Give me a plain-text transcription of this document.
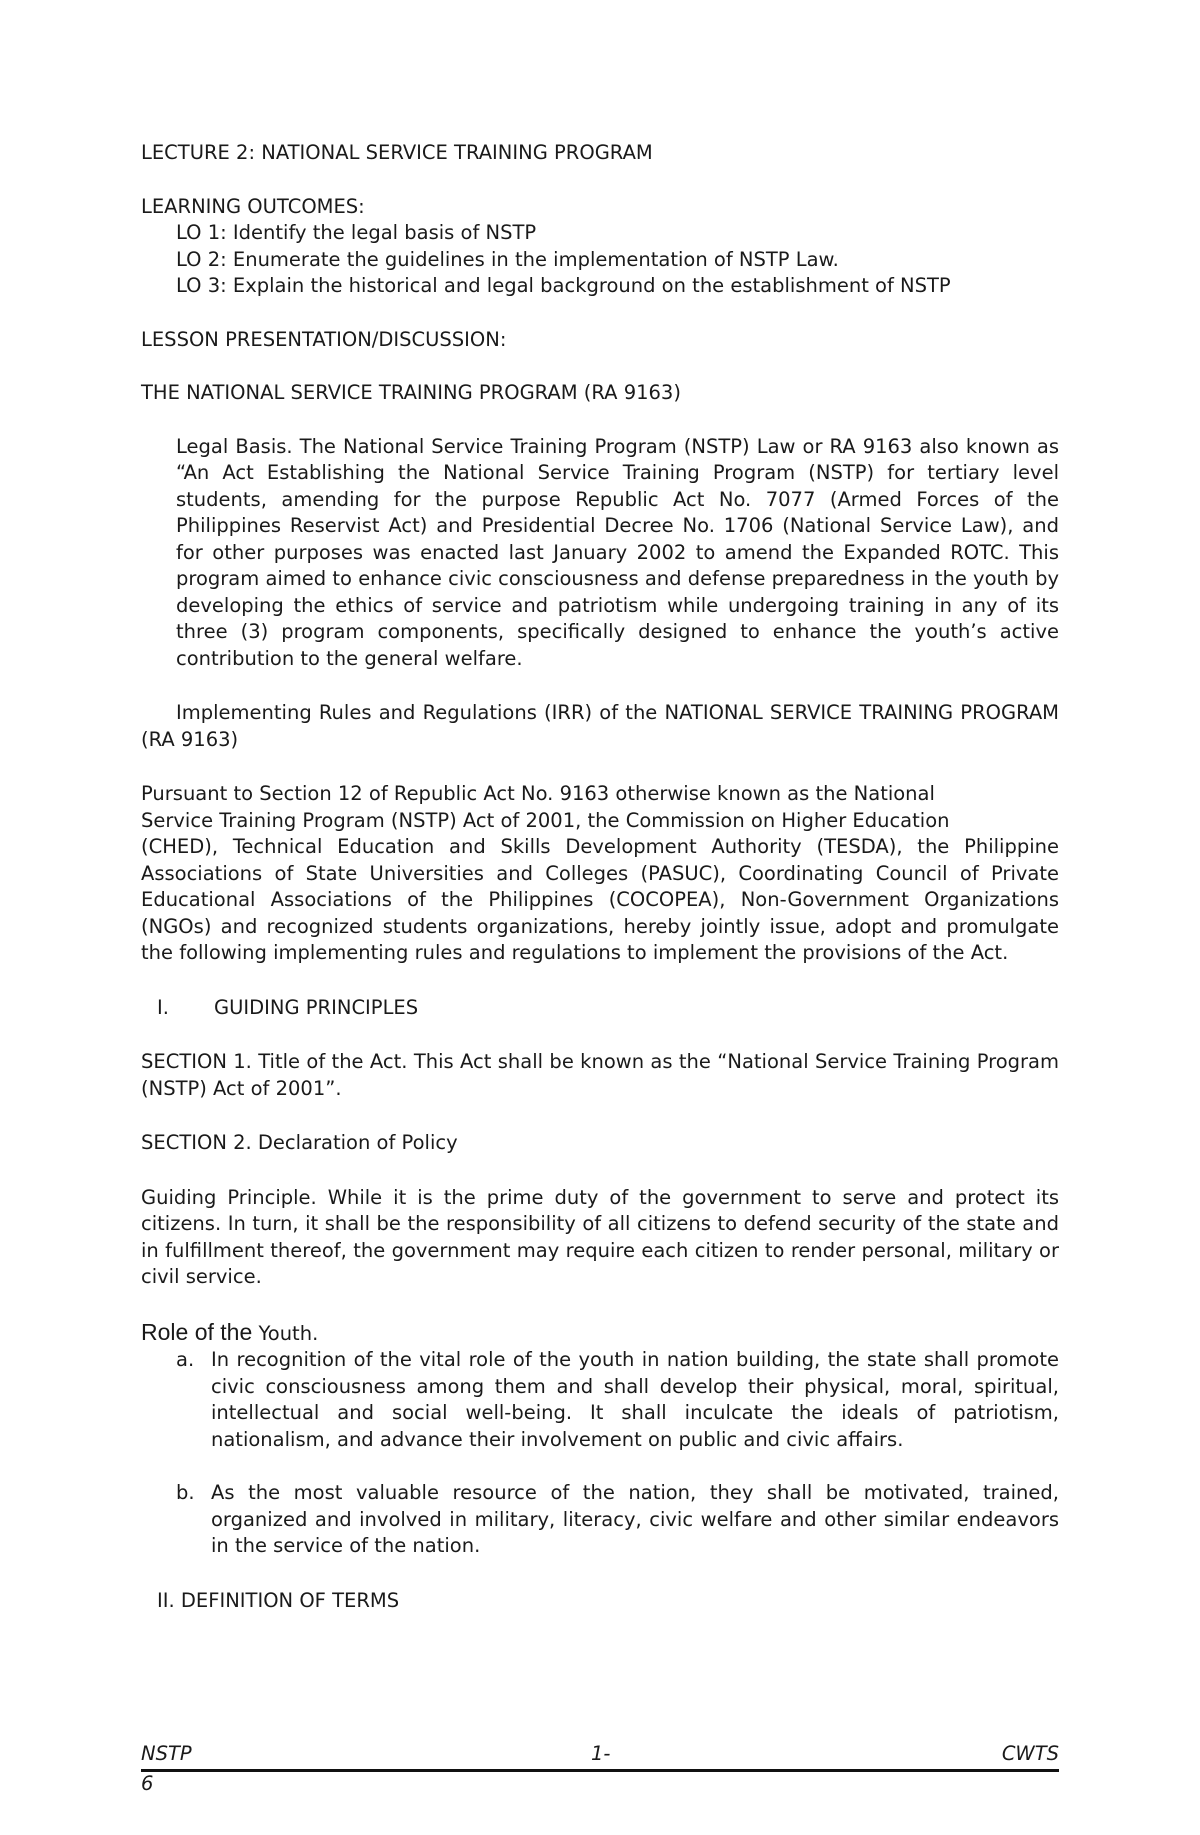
LECTURE 2: NATIONAL SERVICE TRAINING PROGRAM

LEARNING OUTCOMES:

LO 1: Identify the legal basis of NSTP

LO 2: Enumerate the guidelines in the implementation of NSTP Law.

LO 3: Explain the historical and legal background on the establishment of NSTP

LESSON PRESENTATION/DISCUSSION:

THE NATIONAL SERVICE TRAINING PROGRAM (RA 9163)

Legal Basis. The National Service Training Program (NSTP) Law or RA 9163 also known as “An Act Establishing the National Service Training Program (NSTP) for tertiary level students, amending for the purpose Republic Act No. 7077 (Armed Forces of the Philippines Reservist Act) and Presidential Decree No. 1706 (National Service Law), and for other purposes was enacted last January 2002 to amend the Expanded ROTC. This program aimed to enhance civic consciousness and defense preparedness in the youth by developing the ethics of service and patriotism while undergoing training in any of its three (3) program components, specifically designed to enhance the youth’s active contribution to the general welfare.

Implementing Rules and Regulations (IRR) of the NATIONAL SERVICE TRAINING PROGRAM (RA 9163)

Pursuant to Section 12 of Republic Act No. 9163 otherwise known as the National

Service Training Program (NSTP) Act of 2001, the Commission on Higher Education

(CHED), Technical Education and Skills Development Authority (TESDA), the Philippine

Associations of State Universities and Colleges (PASUC), Coordinating Council of Private Educational Associations of the Philippines (COCOPEA), Non-Government Organizations (NGOs) and recognized students organizations, hereby jointly issue, adopt and promulgate the following implementing rules and regulations to implement the provisions of the Act.

I. GUIDING PRINCIPLES

SECTION 1. Title of the Act. This Act shall be known as the “National Service Training Program (NSTP) Act of 2001”.

SECTION 2. Declaration of Policy

Guiding Principle. While it is the prime duty of the government to serve and protect its citizens. In turn, it shall be the responsibility of all citizens to defend security of the state and in fulfillment thereof, the government may require each citizen to render personal, military or civil service.

Role of the Youth.

a. In recognition of the vital role of the youth in nation building, the state shall promote civic consciousness among them and shall develop their physical, moral, spiritual, intellectual and social well-being. It shall inculcate the ideals of patriotism, nationalism, and advance their involvement on public and civic affairs.
b. As the most valuable resource of the nation, they shall be motivated, trained, organized and involved in military, literacy, civic welfare and other similar endeavors in the service of the nation.

II. DEFINITION OF TERMS

NSTP	1-	CWTS
6
